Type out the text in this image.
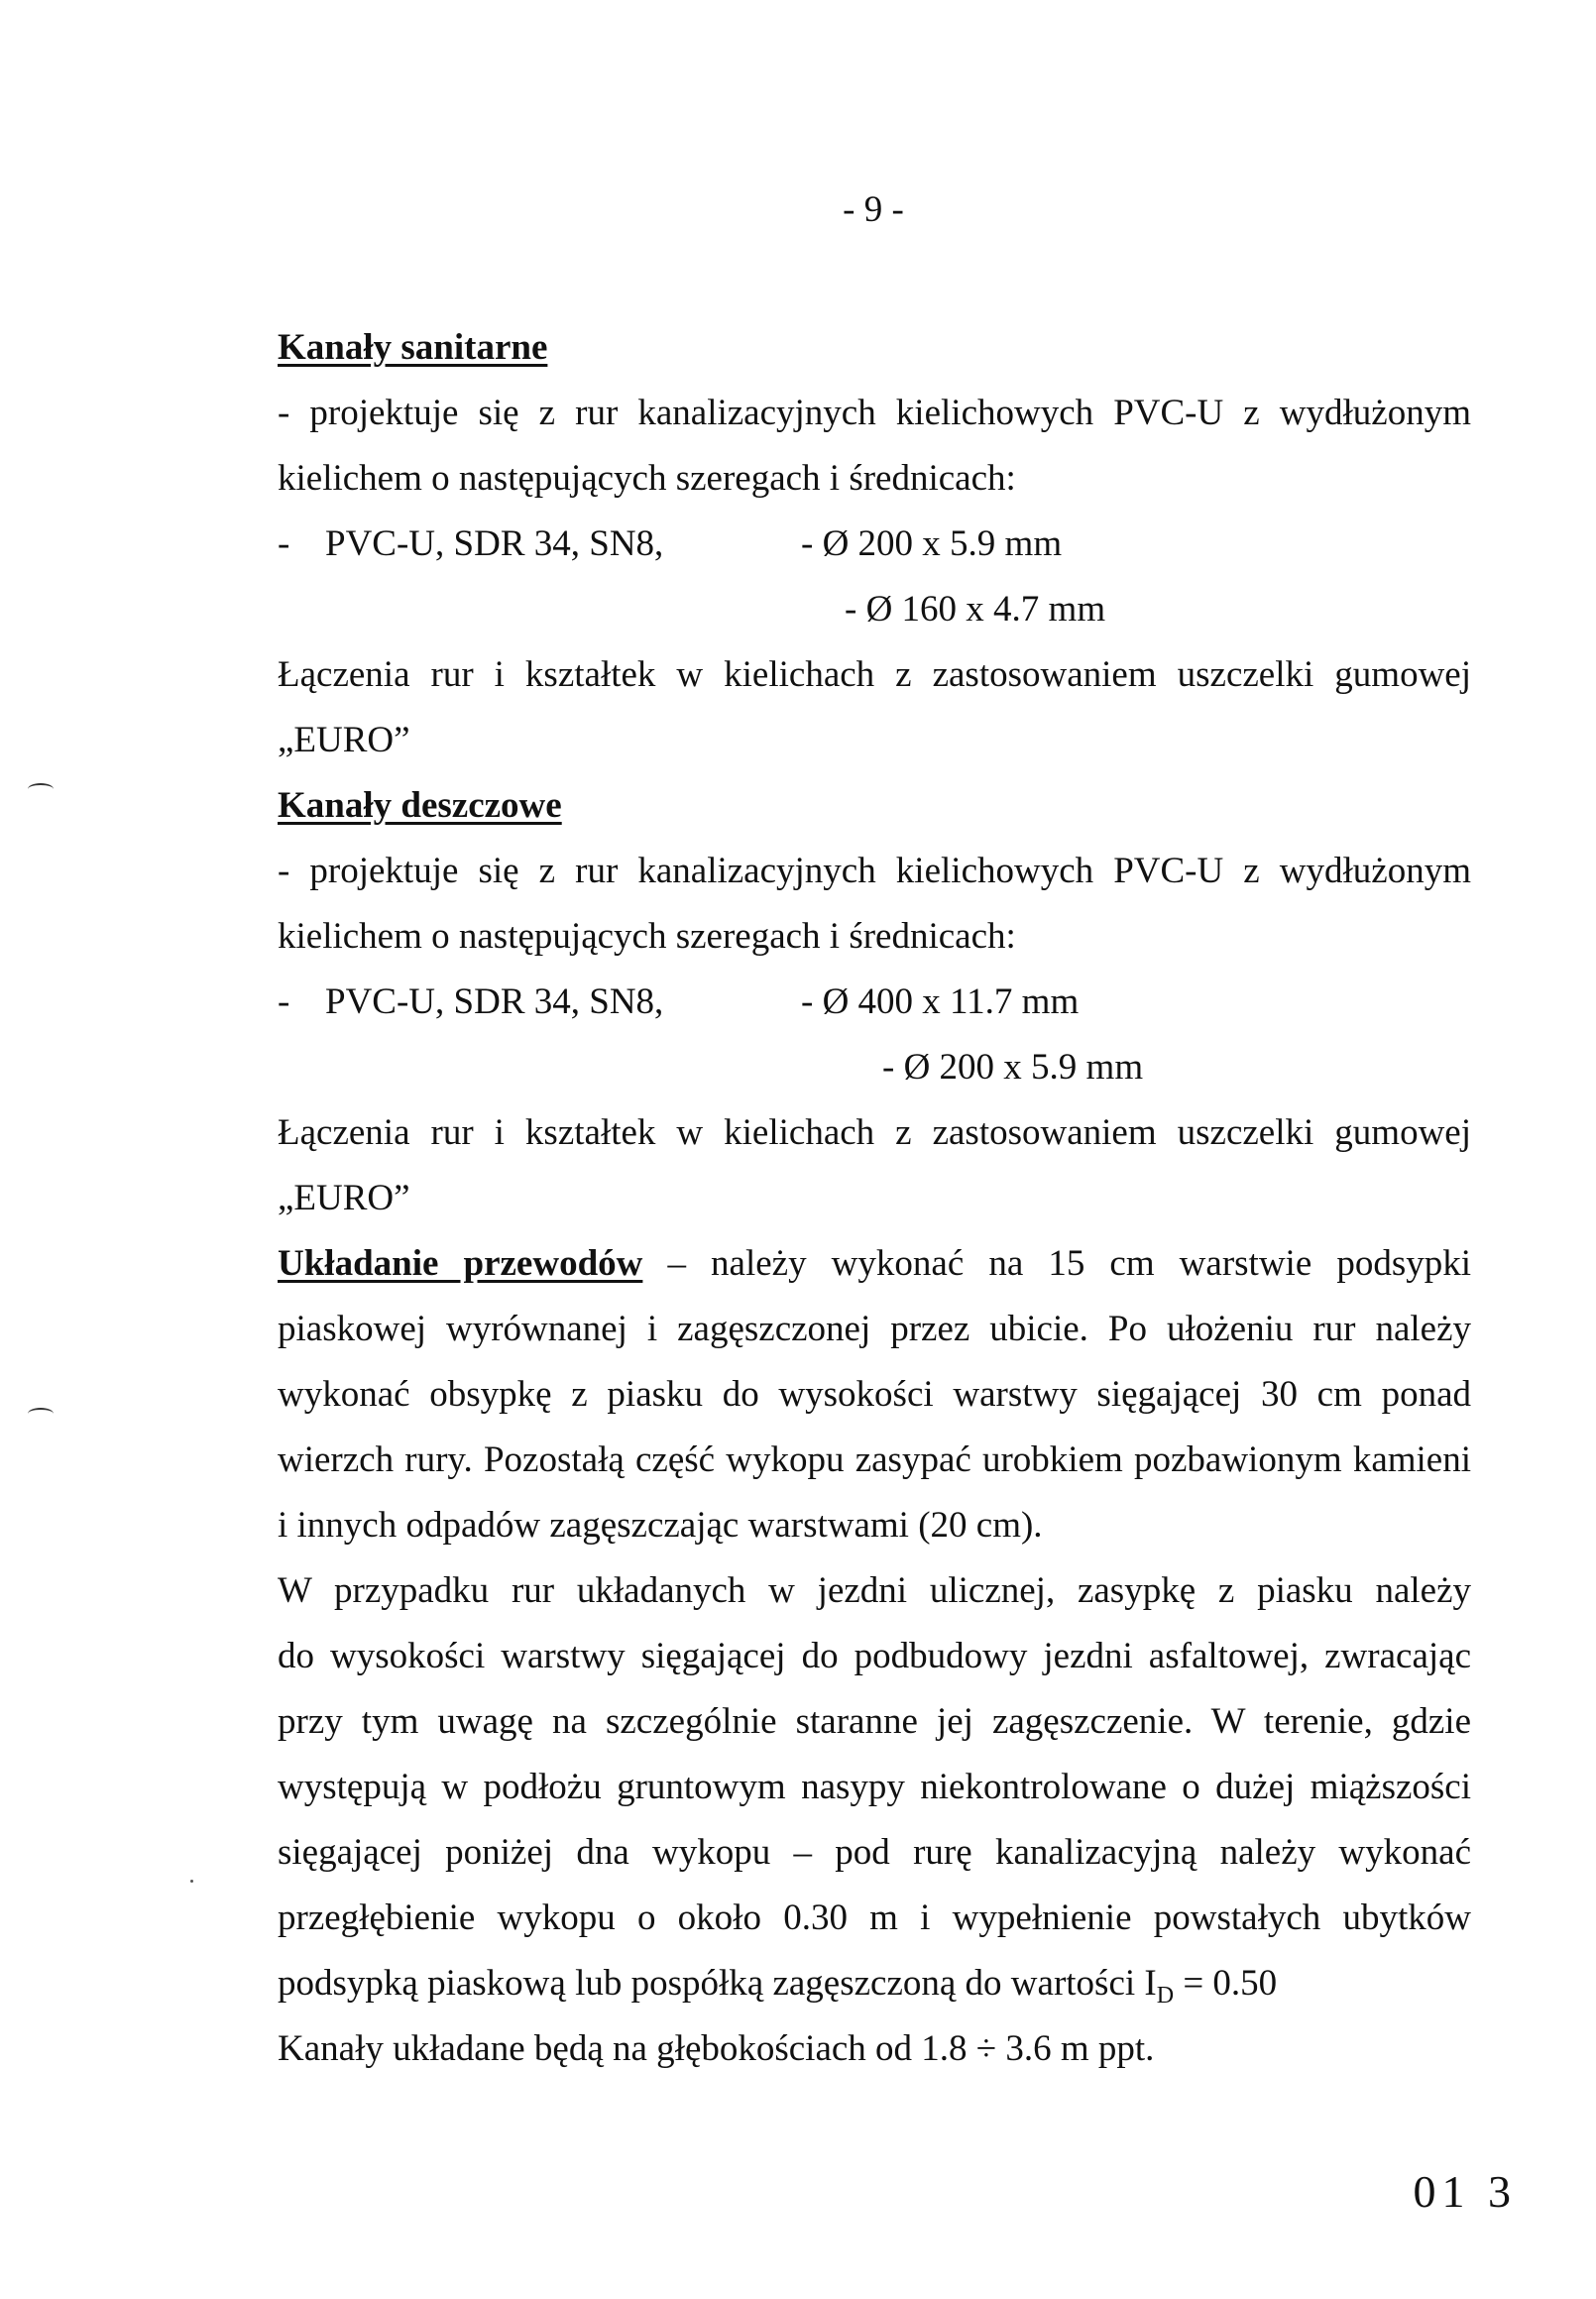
- 9 -
Kanały sanitarne
- projektuje się z rur kanalizacyjnych kielichowych PVC-U z wydłużonym
kielichem o następujących szeregach i średnicach:
- PVC-U, SDR 34, SN8,	- Ø 200 x 5.9 mm
- Ø 160 x 4.7 mm
Łączenia rur i kształtek w kielichach z zastosowaniem uszczelki gumowej
„EURO”
Kanały deszczowe
- projektuje się z rur kanalizacyjnych kielichowych PVC-U z wydłużonym
kielichem o następujących szeregach i średnicach:
- PVC-U, SDR 34, SN8,	- Ø 400 x 11.7 mm
- Ø 200 x 5.9 mm
Łączenia rur i kształtek w kielichach z zastosowaniem uszczelki gumowej
„EURO”
Układanie przewodów – należy wykonać na 15 cm warstwie podsypki
piaskowej wyrównanej i zagęszczonej przez ubicie. Po ułożeniu rur należy
wykonać obsypkę z piasku do wysokości warstwy sięgającej 30 cm ponad
wierzch rury. Pozostałą część wykopu zasypać urobkiem pozbawionym kamieni
i innych odpadów zagęszczając warstwami (20 cm).
W przypadku rur układanych w jezdni ulicznej, zasypkę z piasku należy
do wysokości warstwy sięgającej do podbudowy jezdni asfaltowej, zwracając
przy tym uwagę na szczególnie staranne jej zagęszczenie. W terenie, gdzie
występują w podłożu gruntowym nasypy niekontrolowane o dużej miąższości
sięgającej poniżej dna wykopu – pod rurę kanalizacyjną należy wykonać
przegłębienie wykopu o około 0.30 m i wypełnienie powstałych ubytków
podsypką piaskową lub pospółką zagęszczoną do wartości $I_D = 0.50$
Kanały układane będą na głębokościach od 1.8 ÷ 3.6 m ppt.
01 3
